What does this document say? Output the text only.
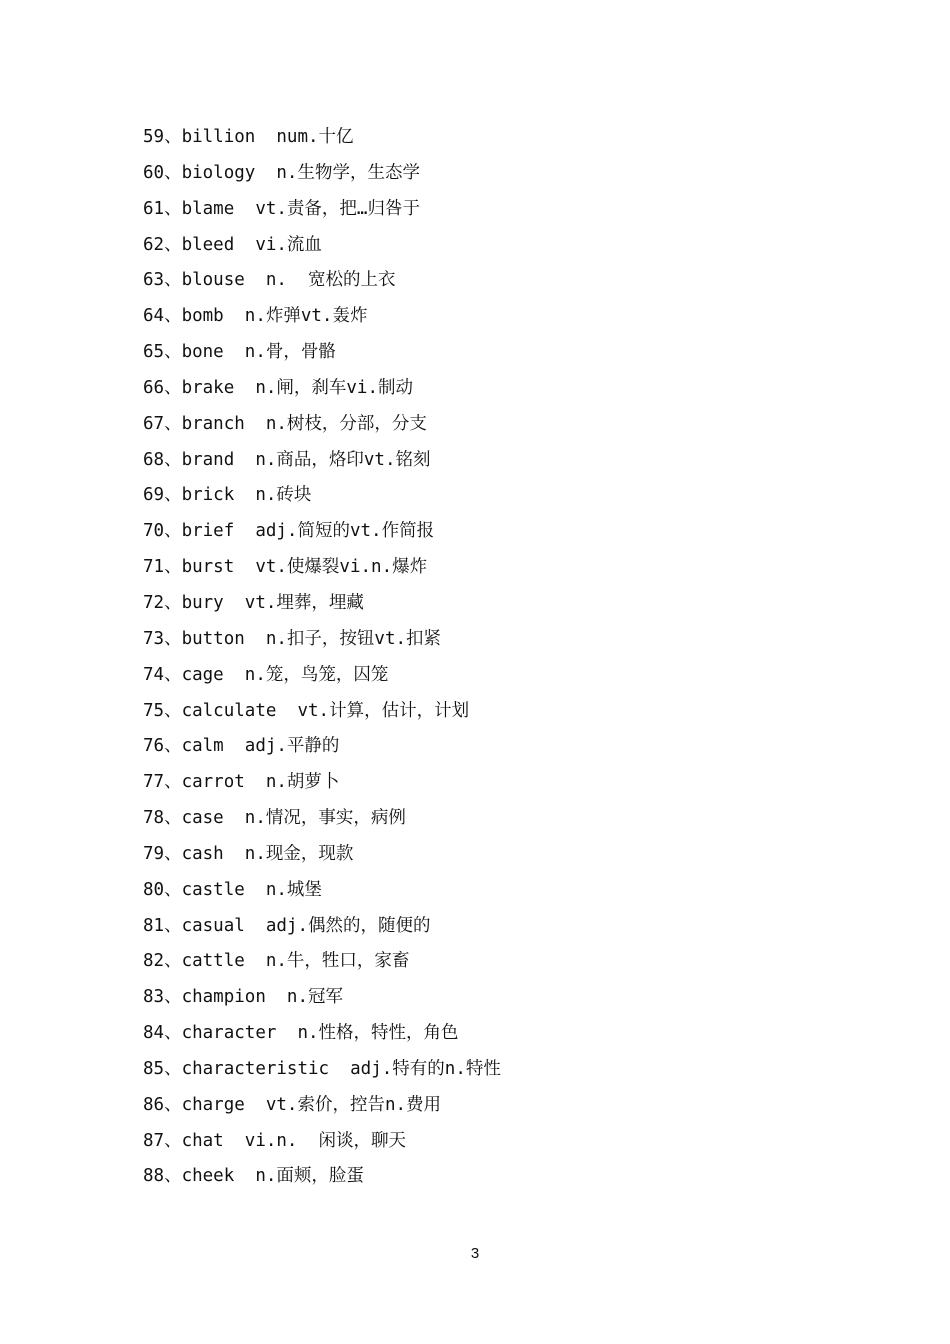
59、billion  num.十亿
60、biology  n.生物学，生态学
61、blame  vt.责备，把…归咎于
62、bleed  vi.流血
63、blouse  n.  宽松的上衣
64、bomb  n.炸弹vt.轰炸
65、bone  n.骨，骨骼
66、brake  n.闸，刹车vi.制动
67、branch  n.树枝，分部，分支
68、brand  n.商品，烙印vt.铭刻
69、brick  n.砖块
70、brief  adj.简短的vt.作简报
71、burst  vt.使爆裂vi.n.爆炸
72、bury  vt.埋葬，埋藏
73、button  n.扣子，按钮vt.扣紧
74、cage  n.笼，鸟笼，囚笼
75、calculate  vt.计算，估计，计划
76、calm  adj.平静的
77、carrot  n.胡萝卜
78、case  n.情况，事实，病例
79、cash  n.现金，现款
80、castle  n.城堡
81、casual  adj.偶然的，随便的
82、cattle  n.牛，牲口，家畜
83、champion  n.冠军
84、character  n.性格，特性，角色
85、characteristic  adj.特有的n.特性
86、charge  vt.索价，控告n.费用
87、chat  vi.n.  闲谈，聊天
88、cheek  n.面颊，脸蛋
3
